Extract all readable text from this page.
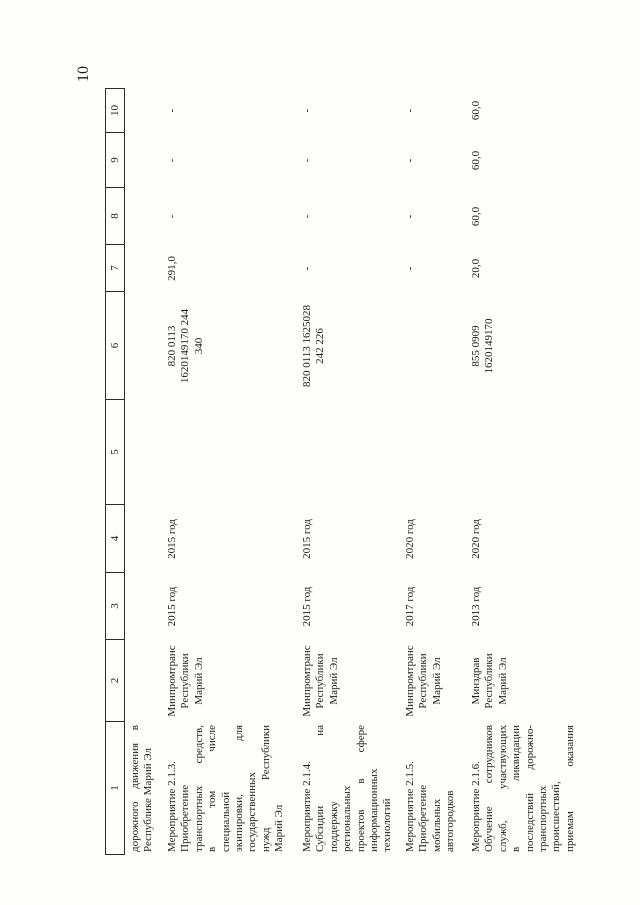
10
1
2
3
4
5
6
7
8
9
10
дорожного движения в Республике Марий Эл Мероприятие 2.1.3. Приобретение транспортных средств, в том числе специальной экипировки, для государственных нужд Республики Марий Эл
Минпромтранс Республики Марий Эл
2015 год
2015 год
820 0113 1620149170 244 340
291,0
-
-
-
Мероприятие 2.1.4. Субсидии на поддержку региональных проектов в сфере информационных технологий
Минпромтранс Республики Марий Эл
2015 год
2015 год
820 0113 1625028 242 226
-
-
-
-
Мероприятие 2.1.5. Приобретение мобильных автогородков
Минпромтранс Республики Марий Эл
2017 год
2020 год
-
-
-
-
Мероприятие 2.1.6. Обучение сотрудников служб, участвующих в ликвидации последствий дорожно- транспортных происшествий, приемам оказания
Минздрав Республики Марий Эл
2013 год
2020 год
855 0909 1620149170
20,0
60,0
60,0
60,0
